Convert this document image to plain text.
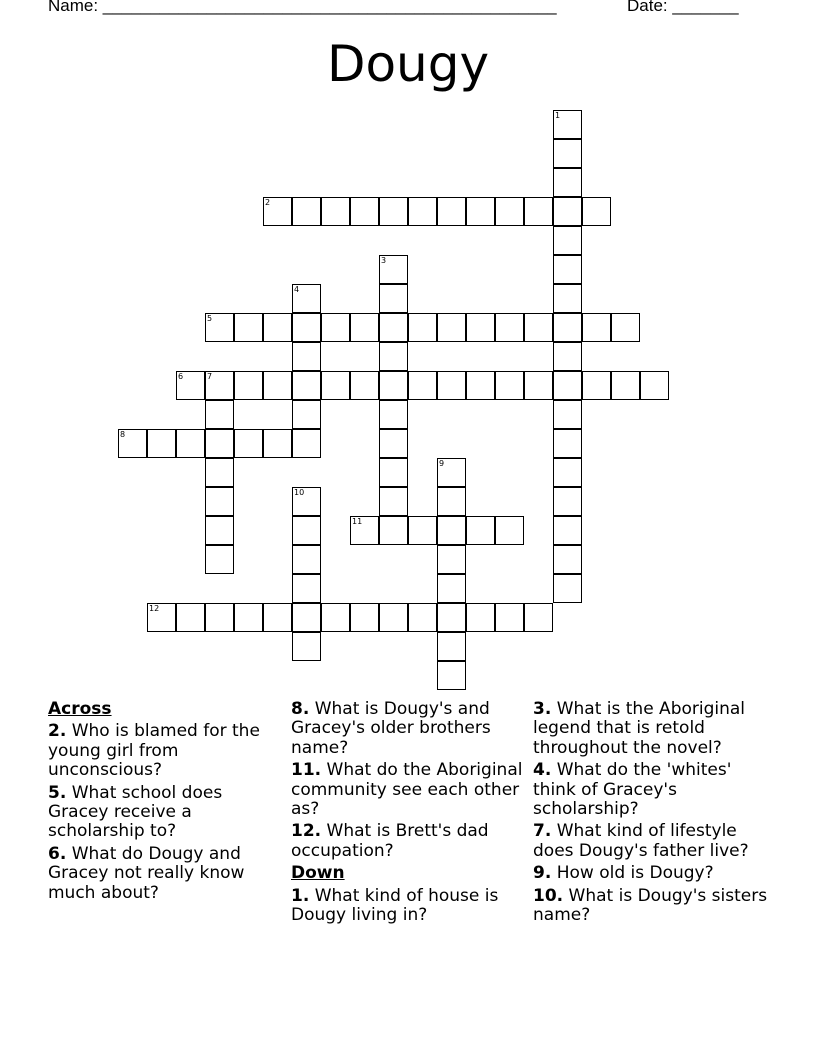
Name: ________________________________________________	Date: _______
Dougy
1
2
3
4
5
6	7
8
9
10
11
12
Across
2. Who is blamed for the young girl from unconscious?
5. What school does Gracey receive a scholarship to?
6. What do Dougy and Gracey not really know much about?
8. What is Dougy's and Gracey's older brothers name?
11. What do the Aboriginal community see each other as?
12. What is Brett's dad occupation?
Down
1. What kind of house is Dougy living in?
3. What is the Aboriginal legend that is retold throughout the novel?
4. What do the 'whites' think of Gracey's scholarship?
7. What kind of lifestyle does Dougy's father live?
9. How old is Dougy?
10. What is Dougy's sisters name?
